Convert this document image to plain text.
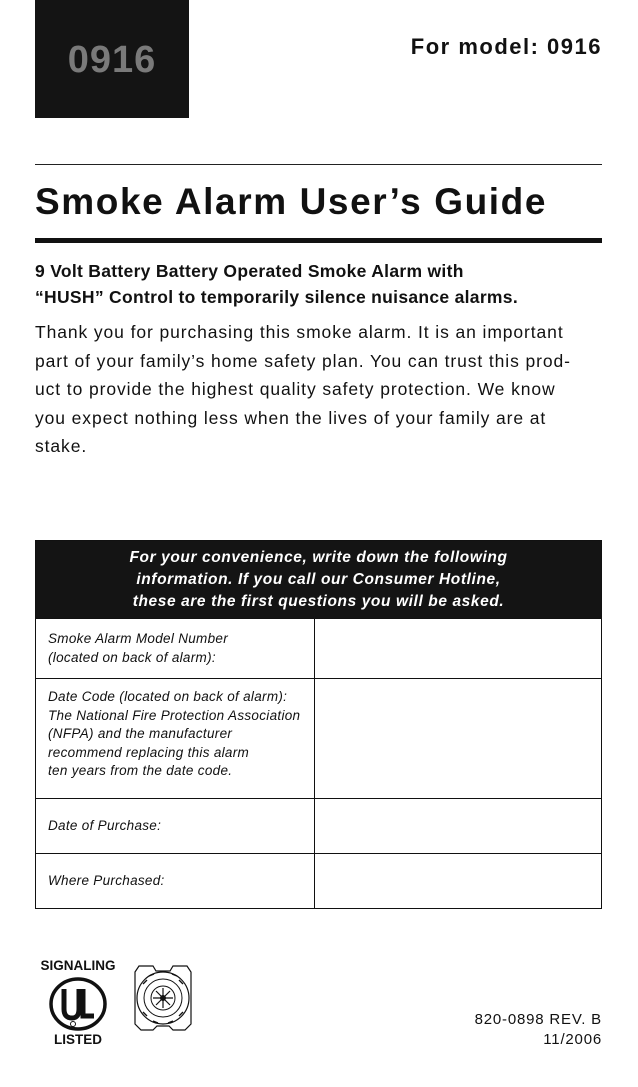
0916	For model: 0916
Smoke Alarm User’s Guide
9 Volt Battery Battery Operated Smoke Alarm with
“HUSH” Control to temporarily silence nuisance alarms.
Thank you for purchasing this smoke alarm. It is an important
part of your family’s home safety plan. You can trust this prod-
uct to provide the highest quality safety protection. We know
you expect nothing less when the lives of your family are at
stake.
For your convenience, write down the following
information. If you call our Consumer Hotline,
these are the first questions you will be asked.
Smoke Alarm Model Number
(located on back of alarm):
Date Code (located on back of alarm):
The National Fire Protection Association
(NFPA) and the manufacturer
recommend replacing this alarm
ten years from the date code.
Date of Purchase:
Where Purchased:
SIGNALING
LISTED
820-0898 REV. B
11/2006
